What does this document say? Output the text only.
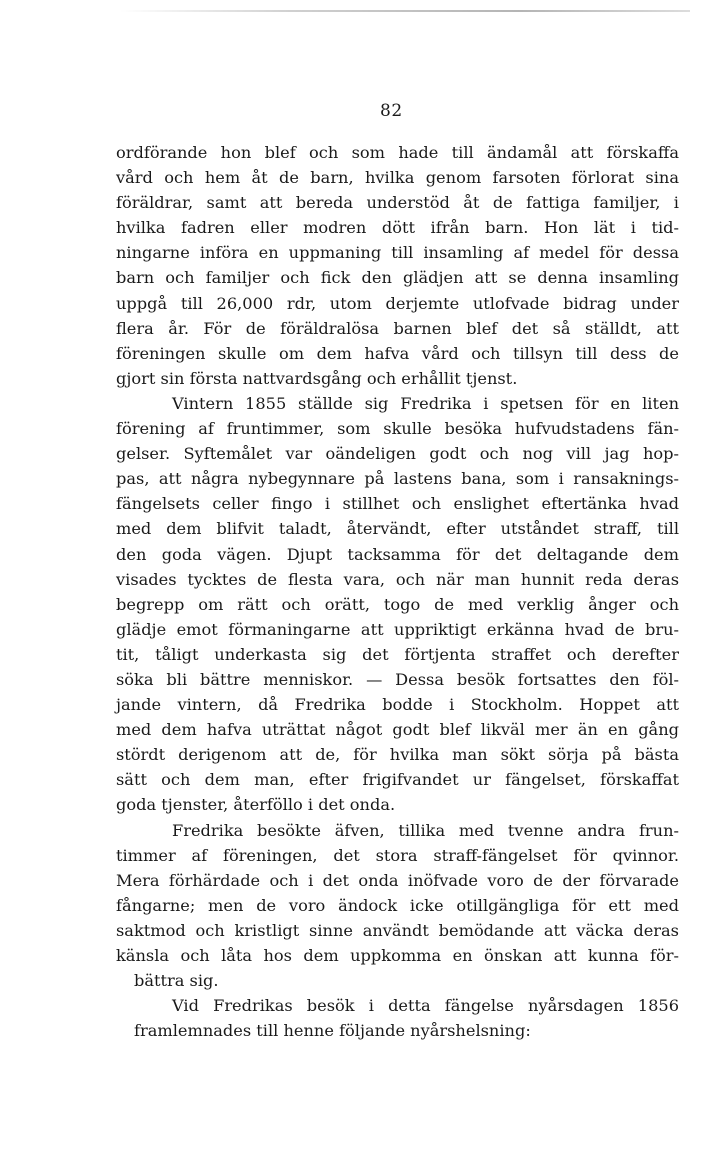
82
ordförande hon blef och som hade till ändamål att förskaffa
vård och hem åt de barn, hvilka genom farsoten förlorat sina
föräldrar, samt att bereda understöd åt de fattiga familjer, i
hvilka fadren eller modren dött ifrån barn. Hon lät i tid-
ningarne införa en uppmaning till insamling af medel för dessa
barn och familjer och fick den glädjen att se denna insamling
uppgå till 26,000 rdr, utom derjemte utlofvade bidrag under
flera år. För de föräldralösa barnen blef det så ställdt, att
föreningen skulle om dem hafva vård och tillsyn till dess de
gjort sin första nattvardsgång och erhållit tjenst.
Vintern 1855 ställde sig Fredrika i spetsen för en liten
förening af fruntimmer, som skulle besöka hufvudstadens fän-
gelser. Syftemålet var oändeligen godt och nog vill jag hop-
pas, att några nybegynnare på lastens bana, som i ransaknings-
fängelsets celler fingo i stillhet och enslighet eftertänka hvad
med dem blifvit taladt, återvändt, efter utståndet straff, till
den goda vägen. Djupt tacksamma för det deltagande dem
visades tycktes de flesta vara, och när man hunnit reda deras
begrepp om rätt och orätt, togo de med verklig ånger och
glädje emot förmaningarne att uppriktigt erkänna hvad de bru-
tit, tåligt underkasta sig det förtjenta straffet och derefter
söka bli bättre menniskor. — Dessa besök fortsattes den föl-
jande vintern, då Fredrika bodde i Stockholm. Hoppet att
med dem hafva uträttat något godt blef likväl mer än en gång
stördt derigenom att de, för hvilka man sökt sörja på bästa
sätt och dem man, efter frigifvandet ur fängelset, förskaffat
goda tjenster, återföllo i det onda.
Fredrika besökte äfven, tillika med tvenne andra frun-
timmer af föreningen, det stora straff-fängelset för qvinnor.
Mera förhärdade och i det onda inöfvade voro de der förvarade
fångarne; men de voro ändock icke otillgängliga för ett med
saktmod och kristligt sinne användt bemödande att väcka deras
känsla och låta hos dem uppkomma en önskan att kunna för-
bättra sig.
Vid Fredrikas besök i detta fängelse nyårsdagen 1856
framlemnades till henne följande nyårshelsning:
